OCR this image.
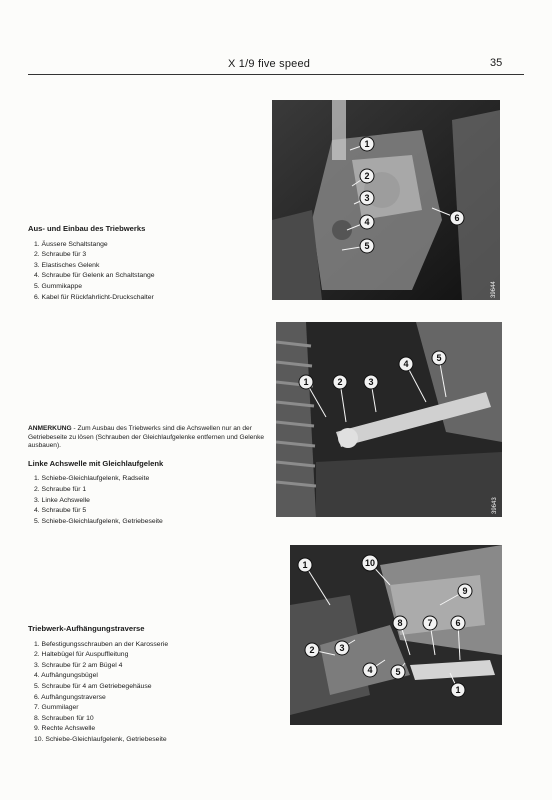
X 1/9 five speed	35
1
2
3
4
5
6
39644
1	2	3
4
5
39643
1	10
9
8	7	6
2	3
4	5
1
Aus- und Einbau des Triebwerks
1. Äussere Schaltstange
2. Schraube für 3
3. Elastisches Gelenk
4. Schraube für Gelenk an Schaltstange
5. Gummikappe
6. Kabel für Rückfahrlicht-Druckschalter
ANMERKUNG - Zum Ausbau des Triebwerks sind die Achswellen nur an der Getriebeseite zu lösen (Schrauben der Gleichlaufgelenke entfernen und Gelenke ausbauen).
Linke Achswelle mit Gleichlaufgelenk
1. Schiebe-Gleichlaufgelenk, Radseite
2. Schraube für 1
3. Linke Achswelle
4. Schraube für 5
5. Schiebe-Gleichlaufgelenk, Getriebeseite
Triebwerk-Aufhängungstraverse
1. Befestigungsschrauben an der Karosserie
2. Haltebügel für Auspuffleitung
3. Schraube für 2 am Bügel 4
4. Aufhängungsbügel
5. Schraube für 4 am Getriebegehäuse
6. Aufhängungstraverse
7. Gummilager
8. Schrauben für 10
9. Rechte Achswelle
10. Schiebe-Gleichlaufgelenk, Getriebeseite
